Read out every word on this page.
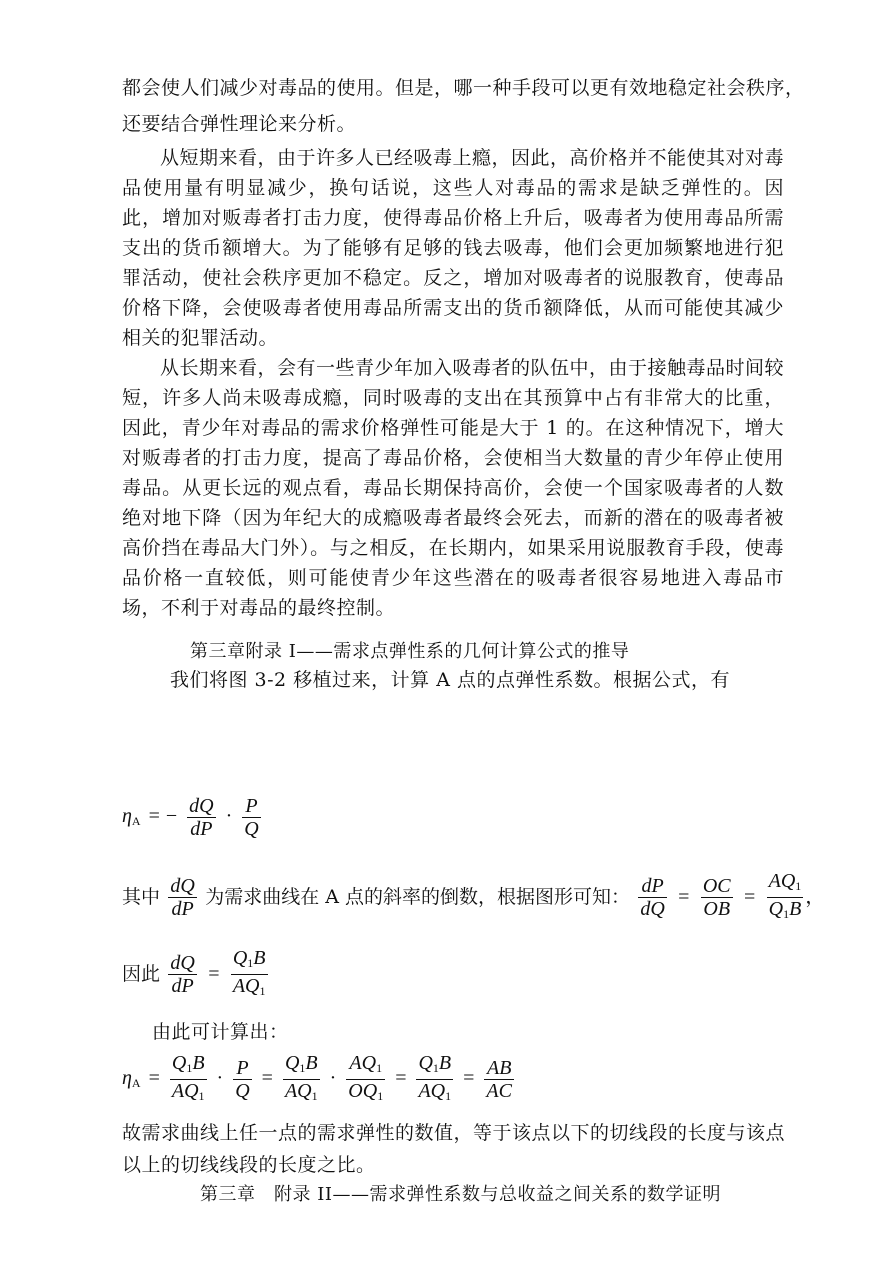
都会使人们减少对毒品的使用。但是，哪一种手段可以更有效地稳定社会秩序，
还要结合弹性理论来分析。
从短期来看，由于许多人已经吸毒上瘾，因此，高价格并不能使其对对毒品使用量有明显减少，换句话说，这些人对毒品的需求是缺乏弹性的。因此，增加对贩毒者打击力度，使得毒品价格上升后，吸毒者为使用毒品所需支出的货币额增大。为了能够有足够的钱去吸毒，他们会更加频繁地进行犯罪活动，使社会秩序更加不稳定。反之，增加对吸毒者的说服教育，使毒品价格下降，会使吸毒者使用毒品所需支出的货币额降低，从而可能使其减少相关的犯罪活动。
从长期来看，会有一些青少年加入吸毒者的队伍中，由于接触毒品时间较短，许多人尚未吸毒成瘾，同时吸毒的支出在其预算中占有非常大的比重，因此，青少年对毒品的需求价格弹性可能是大于 1 的。在这种情况下，增大对贩毒者的打击力度，提高了毒品价格，会使相当大数量的青少年停止使用毒品。从更长远的观点看，毒品长期保持高价，会使一个国家吸毒者的人数绝对地下降（因为年纪大的成瘾吸毒者最终会死去，而新的潜在的吸毒者被高价挡在毒品大门外）。与之相反，在长期内，如果采用说服教育手段，使毒品价格一直较低，则可能使青少年这些潜在的吸毒者很容易地进入毒品市场，不利于对毒品的最终控制。
第三章附录 I——需求点弹性系的几何计算公式的推导
我们将图 3-2 移植过来，计算 A 点的点弹性系数。根据公式，有
$\eta_A$ = − $\frac{dQ}{dP} \cdot \frac{P}{Q}$
其中 $\frac{dQ}{dP}$ 为需求曲线在 A 点的斜率的倒数，根据图形可知： $\frac{dP}{dQ} = \frac{OC}{OB} = \frac{AQ_1}{Q_1B}$ ，
因此 $\frac{dQ}{dP} = \frac{Q_1B}{AQ_1}$
由此可计算出：
$\eta_A = \frac{Q_1B}{AQ_1} \cdot \frac{P}{Q} = \frac{Q_1B}{AQ_1} \cdot \frac{AQ_1}{OQ_1} = \frac{Q_1B}{AQ_1} = \frac{AB}{AC}$
故需求曲线上任一点的需求弹性的数值，等于该点以下的切线段的长度与该点
以上的切线线段的长度之比。
第三章　附录 II——需求弹性系数与总收益之间关系的数学证明
